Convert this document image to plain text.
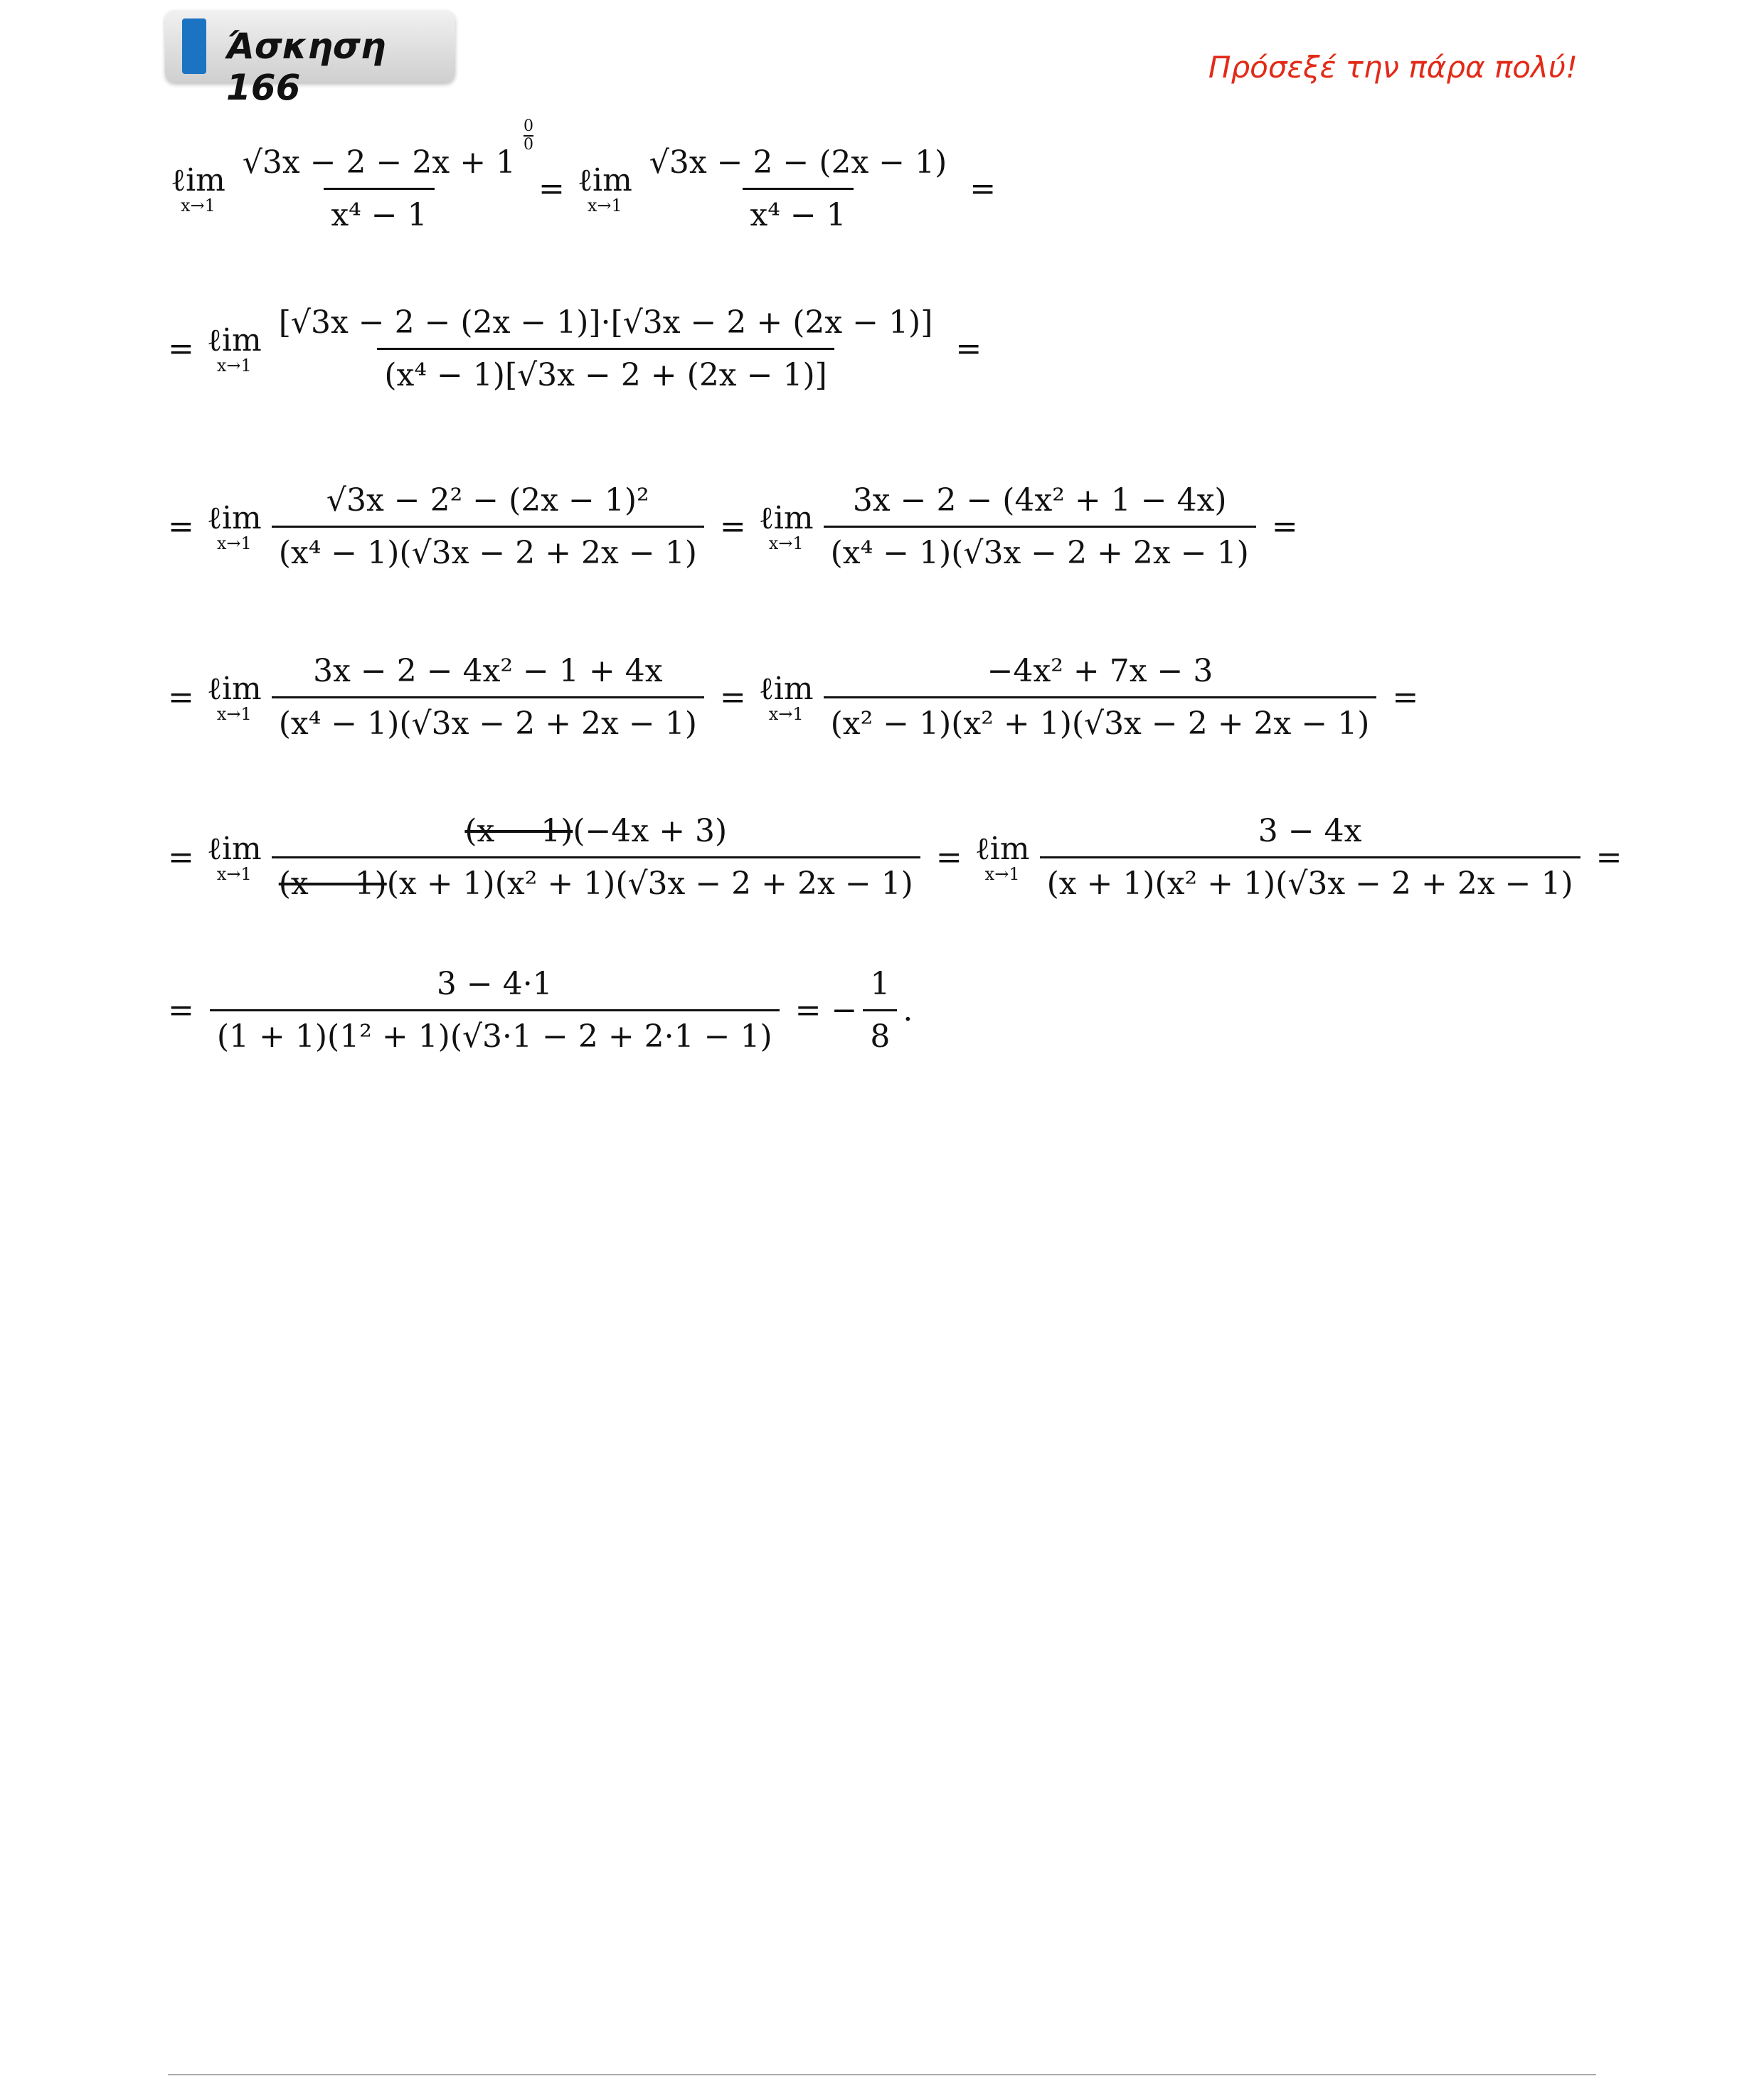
Άσκηση 166	Πρόσεξέ την πάρα πολύ!
0
0
ℓim
$x\to 1 \frac{√3x - 2 - 2x + 1}{\text{x⁴ − 1}}$ = ℓim
$x\to 1 \frac{√3x - 2 - (2x - 1)}{\text{x⁴ − 1}}$ =
= ℓim
$x\to 1 \frac{[√3x - 2 - (2x - 1)]\cdot[√3x - 2 + (2x - 1)]}{\text{(x⁴ − 1)[√3x − 2 + (2x − 1)]}}$ =
= ℓim
$x\to 1 \frac{\text{√3x − 2² − (2x − 1)²}}{\text{(x⁴ − 1)(√3x − 2 + 2x − 1)}}$ = ℓim
$x\to 1 \frac{\text{3x − 2 − (4x² + 1 − 4x)}}{\text{(x⁴ − 1)(√3x − 2 + 2x − 1)}}$ =
= ℓim
$x\to 1 \frac{\text{3x − 2 − 4x² − 1 + 4x}}{\text{(x⁴ − 1)(√3x − 2 + 2x − 1)}}$ = ℓim
$x\to 1 \frac{\text{−4x² + 7x − 3}}{\text{(x² − 1)(x² + 1)(√3x − 2 + 2x − 1)}}$ =
= ℓim
$x\to 1 \frac{(x - 1)(-4x + 3)}{\text{(x − 1)(x + 1)(x² + 1)(√3x − 2 + 2x − 1)}}$ = ℓim
$x\to 1 \frac{3 - 4x}{\text{(x + 1)(x² + 1)(√3x − 2 + 2x − 1)}}$ =
= $\frac{3 - 4\cdot 1}{\text{(1 + 1)(1² + 1)(√3·1 − 2 + 2·1 − 1)}}$ = − $\frac{1}{8}$ .
